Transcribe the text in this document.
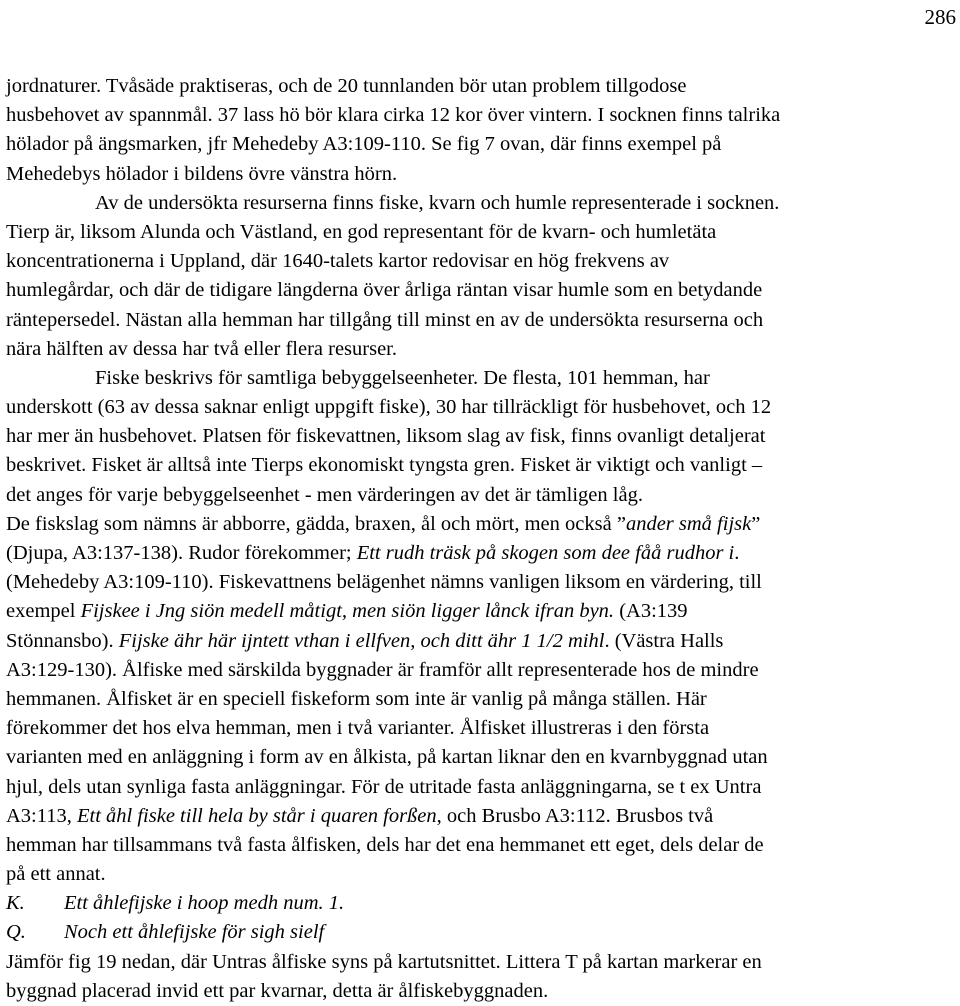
286
jordnaturer. Tvåsäde praktiseras, och de 20 tunnlanden bör utan problem tillgodose
husbehovet av spannmål. 37 lass hö bör klara cirka 12 kor över vintern. I socknen finns talrika
hölador på ängsmarken, jfr Mehedeby A3:109-110. Se fig 7 ovan, där finns exempel på
Mehedebys hölador i bildens övre vänstra hörn.
Av de undersökta resurserna finns fiske, kvarn och humle representerade i socknen.
Tierp är, liksom Alunda och Västland, en god representant för de kvarn- och humletäta
koncentrationerna i Uppland, där 1640-talets kartor redovisar en hög frekvens av
humlegårdar, och där de tidigare längderna över årliga räntan visar humle som en betydande
räntepersedel. Nästan alla hemman har tillgång till minst en av de undersökta resurserna och
nära hälften av dessa har två eller flera resurser.
Fiske beskrivs för samtliga bebyggelseenheter. De flesta, 101 hemman, har
underskott (63 av dessa saknar enligt uppgift fiske), 30 har tillräckligt för husbehovet, och 12
har mer än husbehovet. Platsen för fiskevattnen, liksom slag av fisk, finns ovanligt detaljerat
beskrivet. Fisket är alltså inte Tierps ekonomiskt tyngsta gren. Fisket är viktigt och vanligt –
det anges för varje bebyggelseenhet - men värderingen av det är tämligen låg.
De fiskslag som nämns är abborre, gädda, braxen, ål och mört, men också ”ander små fijsk”
(Djupa, A3:137-138). Rudor förekommer; Ett rudh träsk på skogen som dee fåå rudhor i.
(Mehedeby A3:109-110). Fiskevattnens belägenhet nämns vanligen liksom en värdering, till
exempel Fijskee i Jng siön medell måtigt, men siön ligger lånck ifran byn. (A3:139
Stönnansbo). Fijske ähr här ijntett vthan i ellfven, och ditt ähr 1 1/2 mihl. (Västra Halls
A3:129-130). Ålfiske med särskilda byggnader är framför allt representerade hos de mindre
hemmanen. Ålfisket är en speciell fiskeform som inte är vanlig på många ställen. Här
förekommer det hos elva hemman, men i två varianter. Ålfisket illustreras i den första
varianten med en anläggning i form av en ålkista, på kartan liknar den en kvarnbyggnad utan
hjul, dels utan synliga fasta anläggningar. För de utritade fasta anläggningarna, se t ex Untra
A3:113, Ett åhl fiske till hela by står i quaren forßen, och Brusbo A3:112. Brusbos två
hemman har tillsammans två fasta ålfisken, dels har det ena hemmanet ett eget, dels delar de
på ett annat.
K. Ett åhlefijske i hoop medh num. 1.
Q. Noch ett åhlefijske för sigh sielf
Jämför fig 19 nedan, där Untras ålfiske syns på kartutsnittet. Littera T på kartan markerar en
byggnad placerad invid ett par kvarnar, detta är ålfiskebyggnaden.
